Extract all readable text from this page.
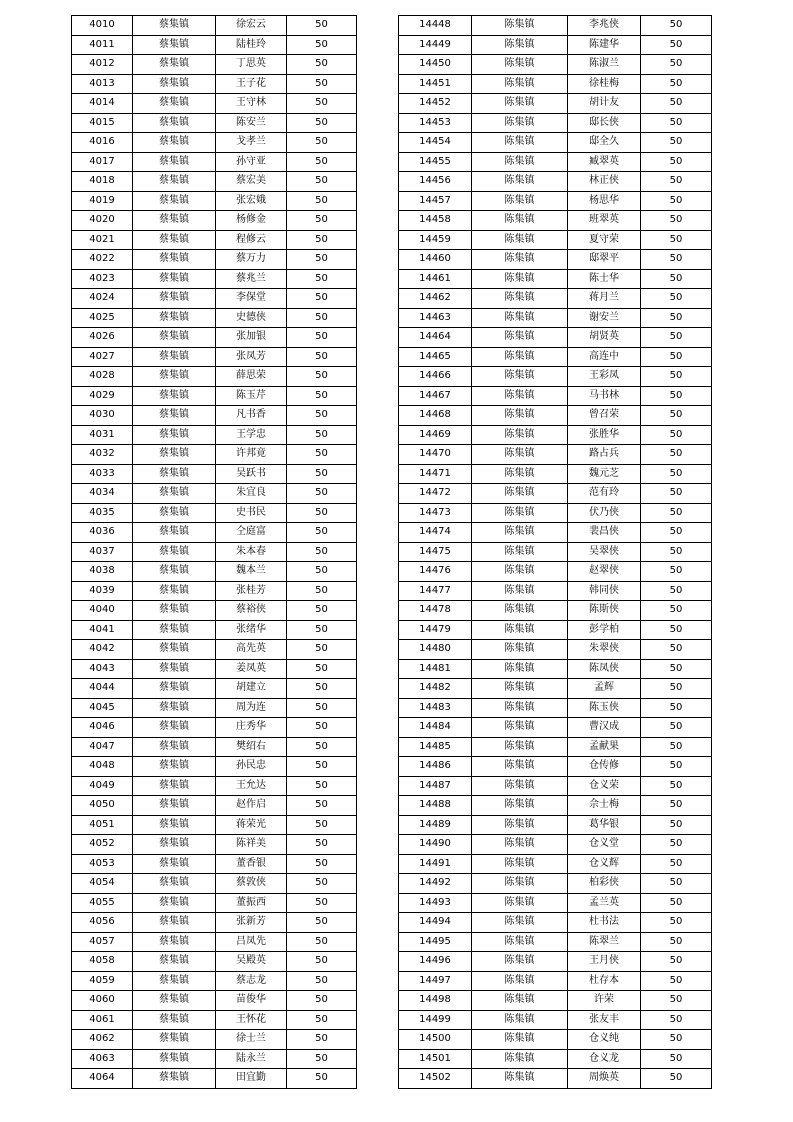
4010	蔡集镇	徐宏云	50
4011	蔡集镇	陆桂玲	50
4012	蔡集镇	丁思英	50
4013	蔡集镇	王子花	50
4014	蔡集镇	王守林	50
4015	蔡集镇	陈安兰	50
4016	蔡集镇	戈孝兰	50
4017	蔡集镇	孙守亚	50
4018	蔡集镇	蔡宏美	50
4019	蔡集镇	张宏娥	50
4020	蔡集镇	杨修金	50
4021	蔡集镇	程修云	50
4022	蔡集镇	蔡万力	50
4023	蔡集镇	蔡兆兰	50
4024	蔡集镇	李保堂	50
4025	蔡集镇	史德侠	50
4026	蔡集镇	张加银	50
4027	蔡集镇	张凤芳	50
4028	蔡集镇	薛思荣	50
4029	蔡集镇	陈玉芹	50
4030	蔡集镇	凡书香	50
4031	蔡集镇	王学忠	50
4032	蔡集镇	许邦竟	50
4033	蔡集镇	吴跃书	50
4034	蔡集镇	朱宜良	50
4035	蔡集镇	史书民	50
4036	蔡集镇	仝庭富	50
4037	蔡集镇	朱本春	50
4038	蔡集镇	魏本兰	50
4039	蔡集镇	张桂芳	50
4040	蔡集镇	蔡裕侠	50
4041	蔡集镇	张绪华	50
4042	蔡集镇	高先英	50
4043	蔡集镇	姜凤英	50
4044	蔡集镇	胡建立	50
4045	蔡集镇	周为连	50
4046	蔡集镇	庄秀华	50
4047	蔡集镇	樊绍右	50
4048	蔡集镇	孙民忠	50
4049	蔡集镇	王允达	50
4050	蔡集镇	赵作启	50
4051	蔡集镇	蒋荣光	50
4052	蔡集镇	陈祥美	50
4053	蔡集镇	董香银	50
4054	蔡集镇	蔡敦侠	50
4055	蔡集镇	董振西	50
4056	蔡集镇	张新芳	50
4057	蔡集镇	吕凤先	50
4058	蔡集镇	吴殿英	50
4059	蔡集镇	蔡志龙	50
4060	蔡集镇	苗俊华	50
4061	蔡集镇	王怀花	50
4062	蔡集镇	徐士兰	50
4063	蔡集镇	陆永兰	50
4064	蔡集镇	田宜勤	50
14448	陈集镇	李兆侠	50
14449	陈集镇	陈建华	50
14450	陈集镇	陈淑兰	50
14451	陈集镇	徐桂梅	50
14452	陈集镇	胡计友	50
14453	陈集镇	邸长侠	50
14454	陈集镇	邸全久	50
14455	陈集镇	臧翠英	50
14456	陈集镇	林正侠	50
14457	陈集镇	杨思华	50
14458	陈集镇	班翠英	50
14459	陈集镇	夏守荣	50
14460	陈集镇	邸翠平	50
14461	陈集镇	陈士华	50
14462	陈集镇	蒋月兰	50
14463	陈集镇	谢安兰	50
14464	陈集镇	胡贤英	50
14465	陈集镇	高连中	50
14466	陈集镇	王彩凤	50
14467	陈集镇	马书林	50
14468	陈集镇	曾召荣	50
14469	陈集镇	张胜华	50
14470	陈集镇	路占兵	50
14471	陈集镇	魏元芝	50
14472	陈集镇	范有玲	50
14473	陈集镇	伏乃侠	50
14474	陈集镇	裴昌侠	50
14475	陈集镇	吴翠侠	50
14476	陈集镇	赵翠侠	50
14477	陈集镇	韩同侠	50
14478	陈集镇	陈斯侠	50
14479	陈集镇	彭学柏	50
14480	陈集镇	朱翠侠	50
14481	陈集镇	陈凤侠	50
14482	陈集镇	孟辉	50
14483	陈集镇	陈玉侠	50
14484	陈集镇	曹汉成	50
14485	陈集镇	孟献果	50
14486	陈集镇	仓传修	50
14487	陈集镇	仓义荣	50
14488	陈集镇	佘士梅	50
14489	陈集镇	葛华银	50
14490	陈集镇	仓义堂	50
14491	陈集镇	仓义辉	50
14492	陈集镇	柏彩侠	50
14493	陈集镇	孟兰英	50
14494	陈集镇	杜书法	50
14495	陈集镇	陈翠兰	50
14496	陈集镇	王月侠	50
14497	陈集镇	杜存本	50
14498	陈集镇	许荣	50
14499	陈集镇	张友丰	50
14500	陈集镇	仓义纯	50
14501	陈集镇	仓义龙	50
14502	陈集镇	周焕英	50
